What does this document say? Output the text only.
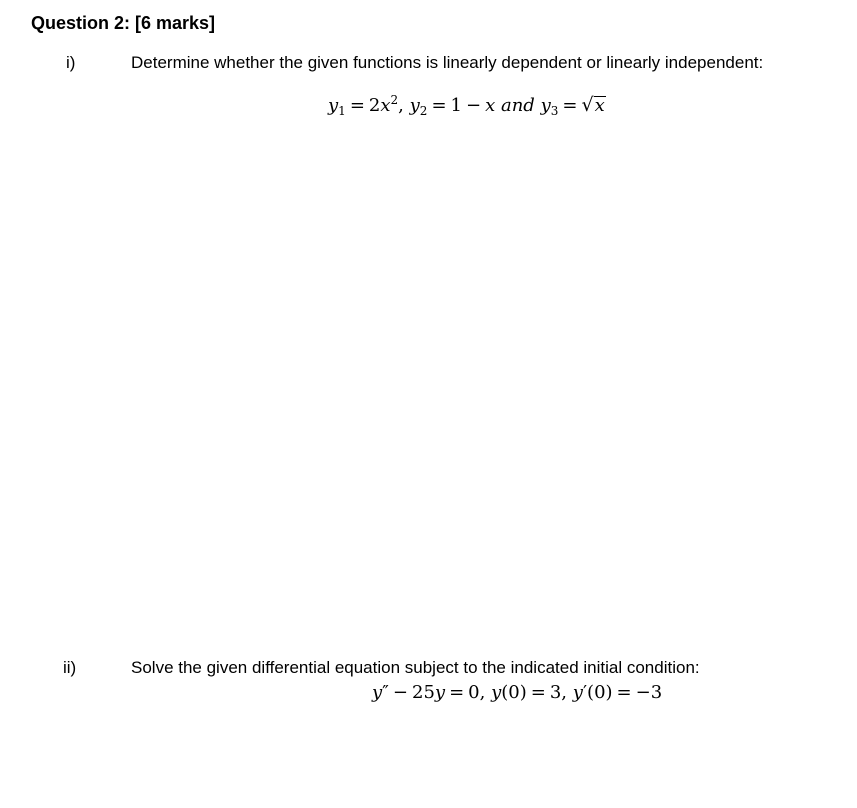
Question 2: [6 marks]
i)	Determine whether the given functions is linearly dependent or linearly independent:
$y_1 = 2x^2$, $y_2 = 1 - x$ and $y_3 = √x$
ii)	Solve the given differential equation subject to the indicated initial condition:
y″ − 25y = 0, y(0) = 3, y′(0) = −3
